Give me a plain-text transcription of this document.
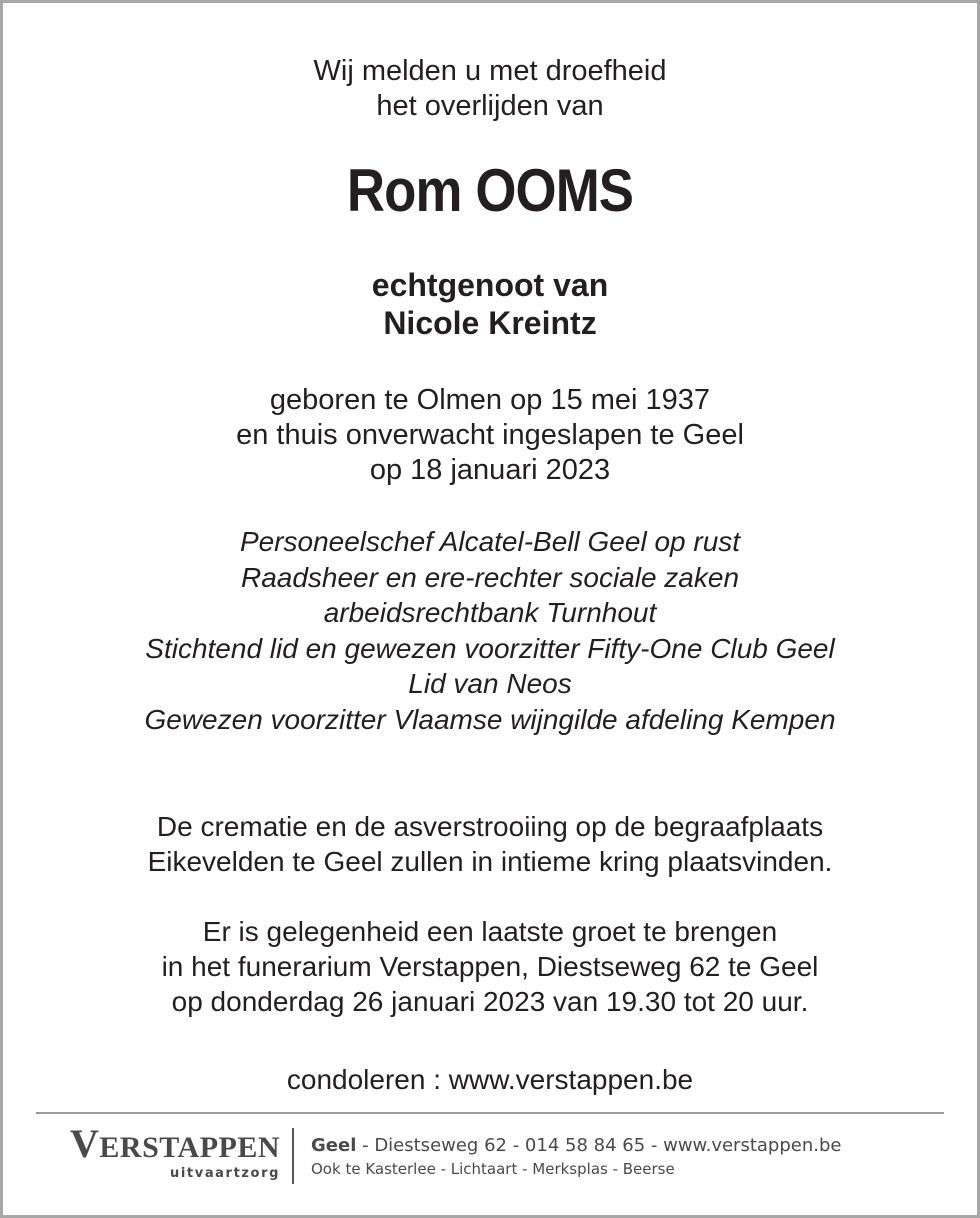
Wij melden u met droefheid
het overlijden van
Rom OOMS
echtgenoot van
Nicole Kreintz
geboren te Olmen op 15 mei 1937
en thuis onverwacht ingeslapen te Geel
op 18 januari 2023
Personeelschef Alcatel-Bell Geel op rust
Raadsheer en ere-rechter sociale zaken
arbeidsrechtbank Turnhout
Stichtend lid en gewezen voorzitter Fifty-One Club Geel
Lid van Neos
Gewezen voorzitter Vlaamse wijngilde afdeling Kempen
De crematie en de asverstrooiing op de begraafplaats
Eikevelden te Geel zullen in intieme kring plaatsvinden.
Er is gelegenheid een laatste groet te brengen
in het funerarium Verstappen, Diestseweg 62 te Geel
op donderdag 26 januari 2023 van 19.30 tot 20 uur.
condoleren : www.verstappen.be
VERSTAPPEN
uitvaartzorg
Geel - Diestseweg 62 - 014 58 84 65 - www.verstappen.be
Ook te Kasterlee - Lichtaart - Merksplas - Beerse
